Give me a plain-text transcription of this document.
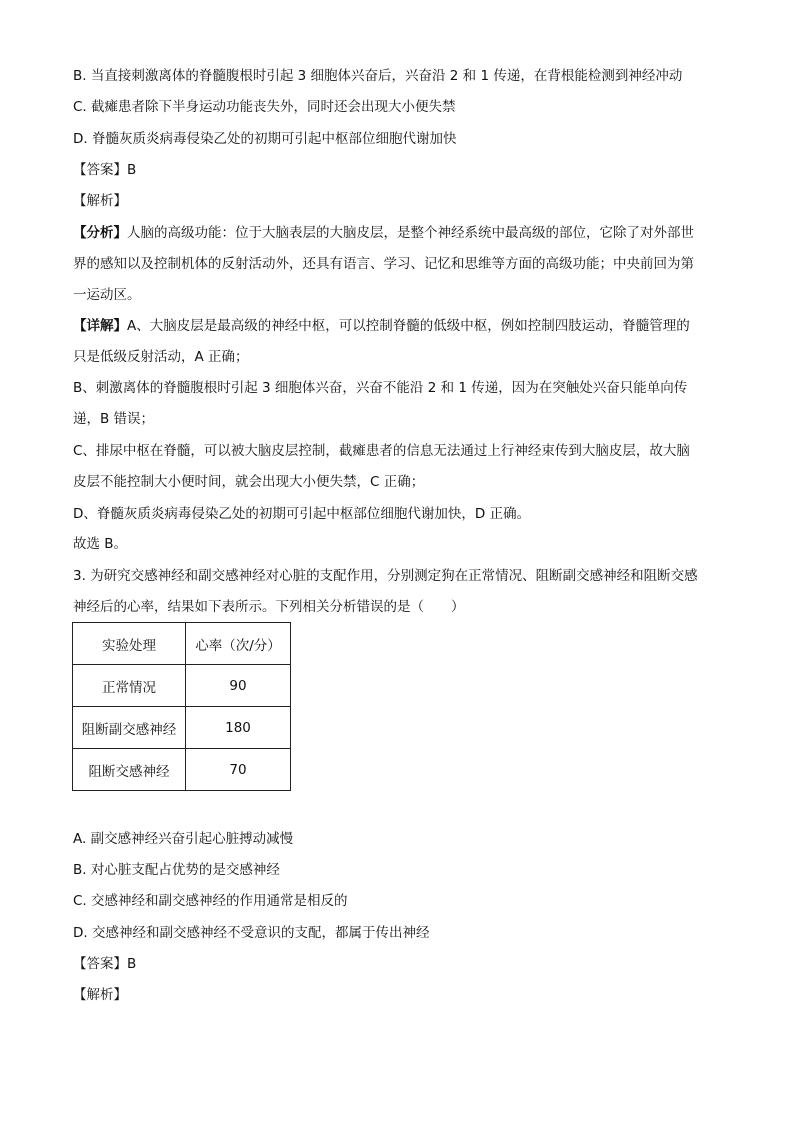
B. 当直接刺激离体的脊髓腹根时引起 3 细胞体兴奋后，兴奋沿 2 和 1 传递，在背根能检测到神经冲动
C. 截瘫患者除下半身运动功能丧失外，同时还会出现大小便失禁
D. 脊髓灰质炎病毒侵染乙处的初期可引起中枢部位细胞代谢加快
【答案】B
【解析】
【分析】人脑的高级功能：位于大脑表层的大脑皮层，是整个神经系统中最高级的部位，它除了对外部世
界的感知以及控制机体的反射活动外，还具有语言、学习、记忆和思维等方面的高级功能；中央前回为第
一运动区。
【详解】A、大脑皮层是最高级的神经中枢，可以控制脊髓的低级中枢，例如控制四肢运动，脊髓管理的
只是低级反射活动，A 正确；
B、刺激离体的脊髓腹根时引起 3 细胞体兴奋，兴奋不能沿 2 和 1 传递，因为在突触处兴奋只能单向传
递，B 错误；
C、排尿中枢在脊髓，可以被大脑皮层控制，截瘫患者的信息无法通过上行神经束传到大脑皮层，故大脑
皮层不能控制大小便时间，就会出现大小便失禁，C 正确；
D、脊髓灰质炎病毒侵染乙处的初期可引起中枢部位细胞代谢加快，D 正确。
故选 B。
3. 为研究交感神经和副交感神经对心脏的支配作用，分别测定狗在正常情况、阻断副交感神经和阻断交感
神经后的心率，结果如下表所示。下列相关分析错误的是（　　）
实验处理	心率（次/分）
正常情况	90
阻断副交感神经	180
阻断交感神经	70
A. 副交感神经兴奋引起心脏搏动减慢
B. 对心脏支配占优势的是交感神经
C. 交感神经和副交感神经的作用通常是相反的
D. 交感神经和副交感神经不受意识的支配，都属于传出神经
【答案】B
【解析】
